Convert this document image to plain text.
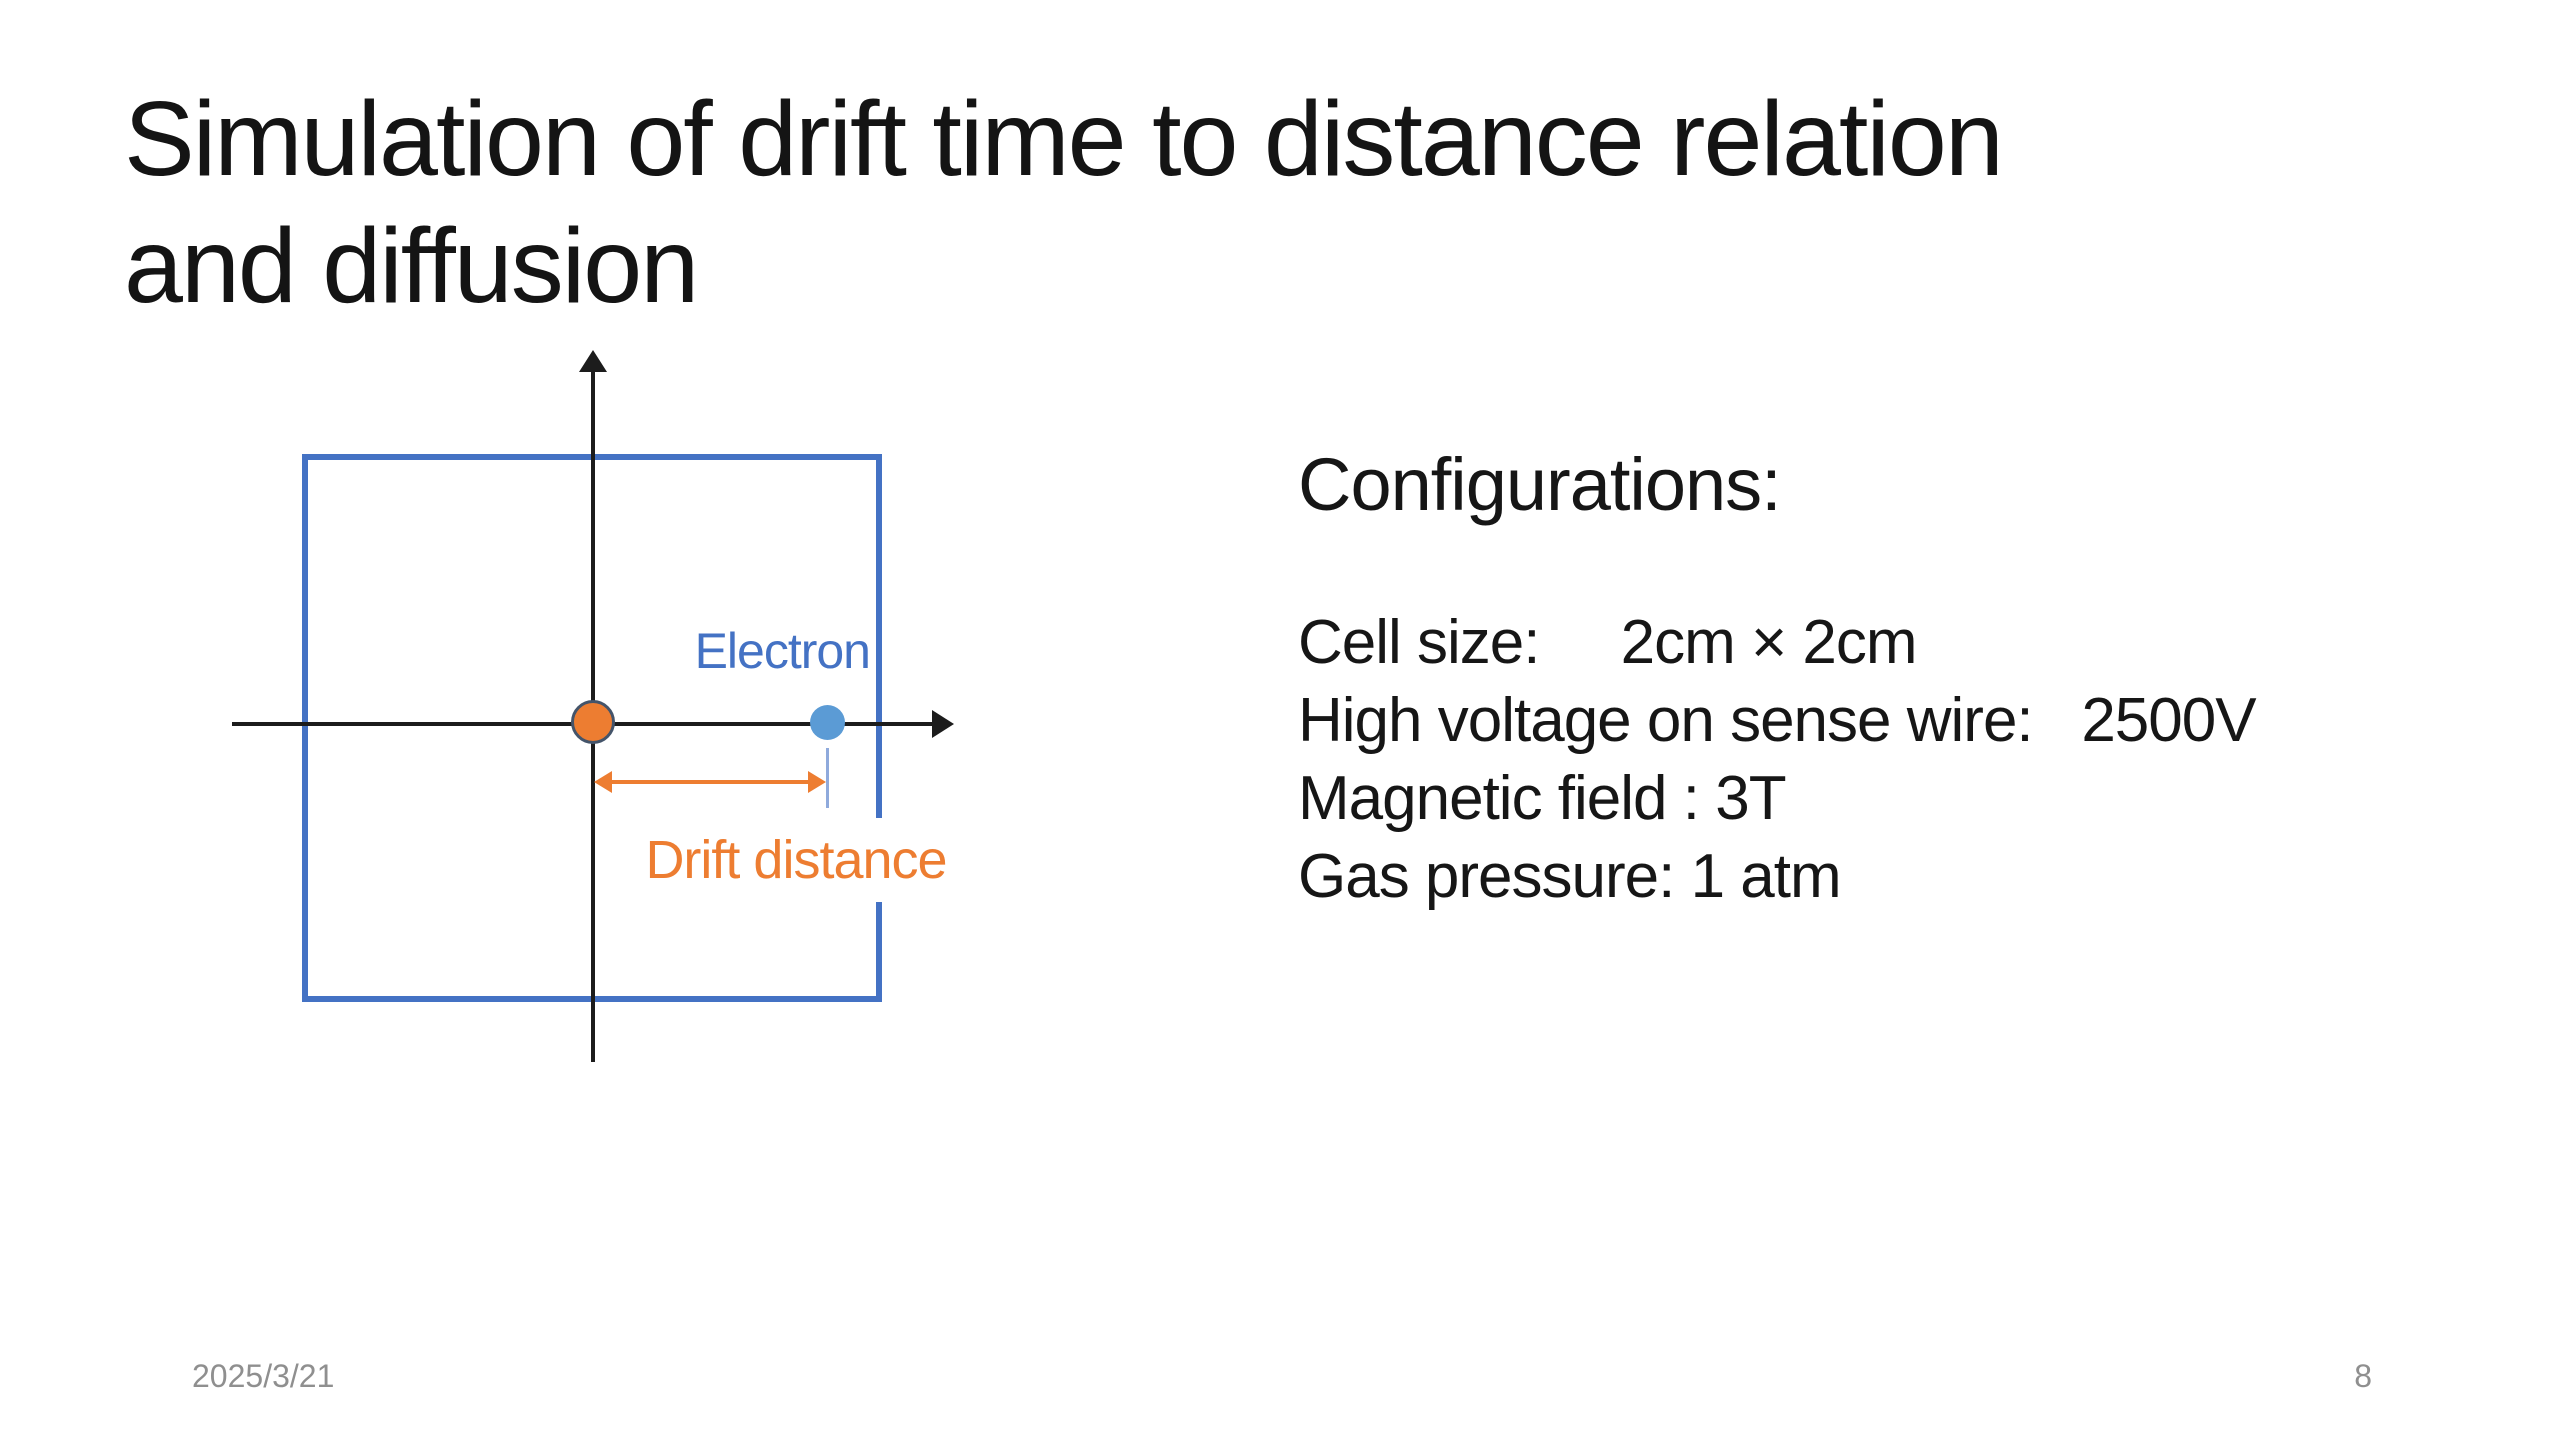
Simulation of drift time to distance relation
and diffusion
Drift distance
Electron
Configurations:
Cell size:     2cm × 2cm
High voltage on sense wire:   2500V
Magnetic field : 3T
Gas pressure: 1 atm
2025/3/21	8
